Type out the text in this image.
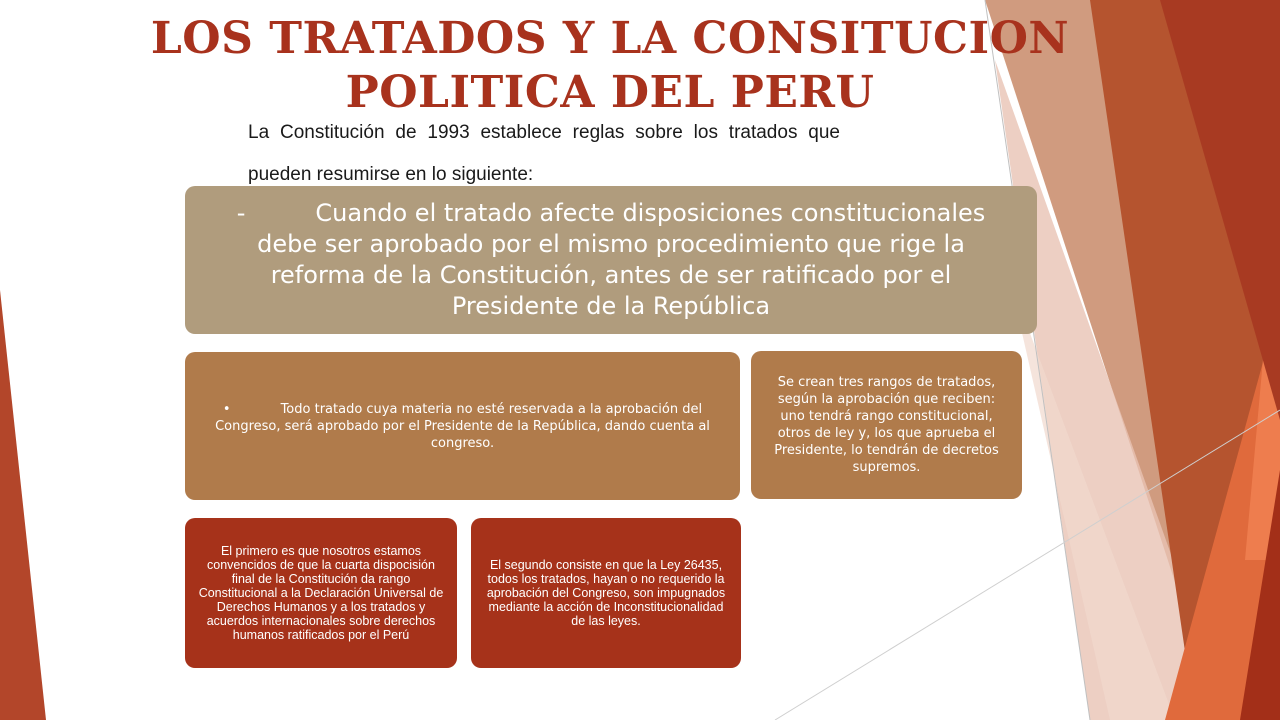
LOS TRATADOS Y LA CONSITUCION POLITICA DEL PERU

La Constitución de 1993 establece reglas sobre los tratados que pueden resumirse en lo siguiente:

-	Cuando el tratado afecte disposiciones constitucionales debe ser aprobado por el mismo procedimiento que rige la reforma de la Constitución, antes de ser ratificado por el Presidente de la República
•	Todo tratado cuya materia no esté reservada a la aprobación del Congreso, será aprobado por el Presidente de la República, dando cuenta al congreso.
Se crean tres rangos de tratados, según la aprobación que reciben: uno tendrá rango constitucional, otros de ley y, los que aprueba el Presidente, lo tendrán de decretos supremos.
El primero es que nosotros estamos convencidos de que la cuarta dispocisión final de la Constitución da rango Constitucional a la Declaración Universal de Derechos Humanos y a los tratados y acuerdos internacionales sobre derechos humanos ratificados por el Perú
El segundo consiste en que la Ley 26435, todos los tratados, hayan o no requerido la aprobación del Congreso, son impugnados mediante la acción de Inconstitucionalidad de las leyes.
